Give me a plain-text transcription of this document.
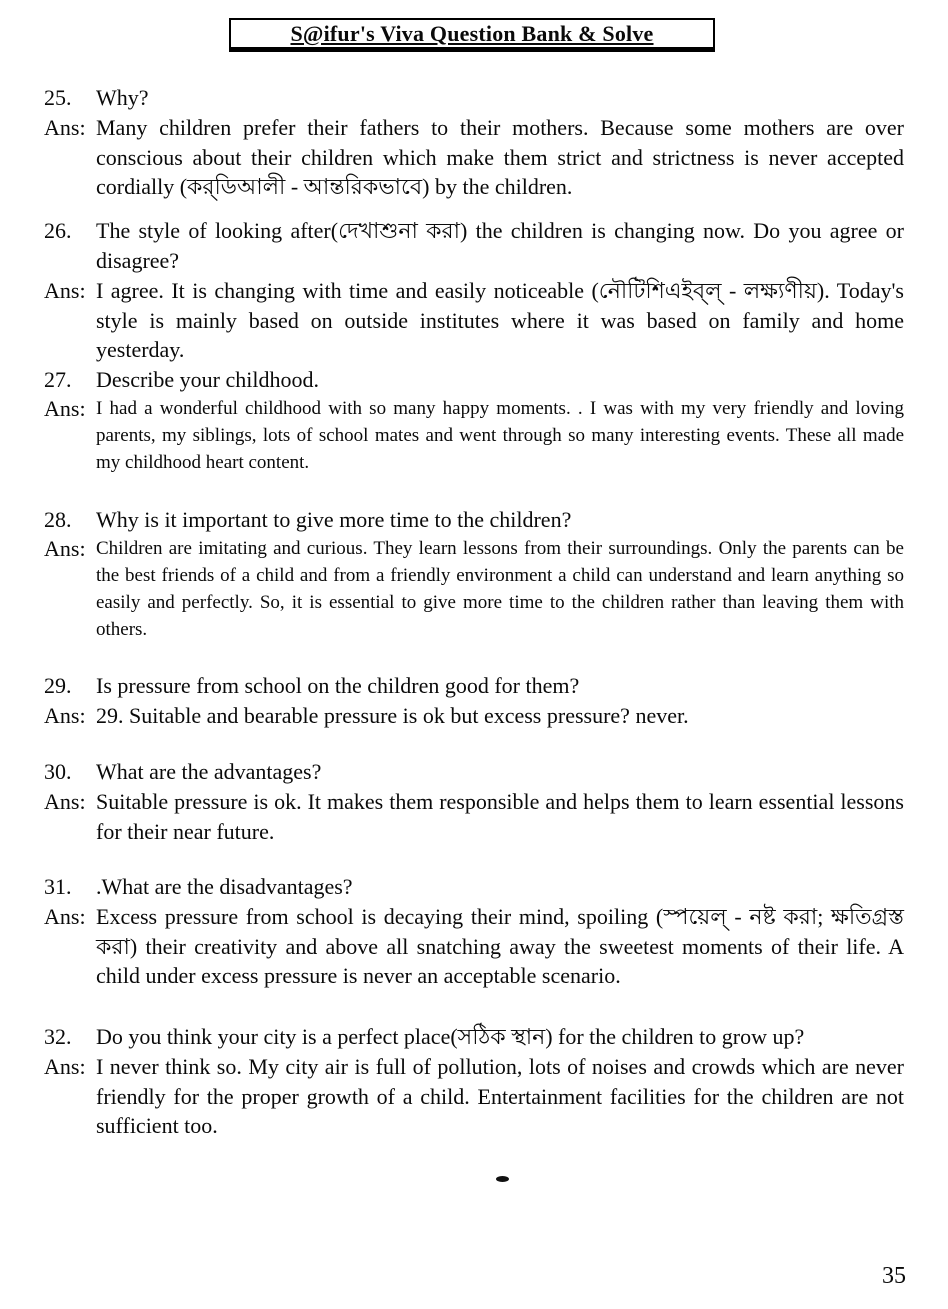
S@ifur's Viva Question Bank & Solve
25.	Why?
Ans: Many children prefer their fathers to their mothers. Because some mothers are over conscious about their children which make them strict and strictness is never accepted cordially (কর্‌ডিআলী - আন্তরিকভাবে) by the children.
26.	The style of looking after(দেখাশুনা করা) the children is changing now. Do you agree or disagree?
Ans: I agree. It is changing with time and easily noticeable (নৌটিশিএইব্‌ল্‌ - লক্ষ্যণীয়). Today's style is mainly based on outside institutes where it was based on family and home yesterday.
27.	Describe your childhood.
Ans: I had a wonderful childhood with so many happy moments. . I was with my very friendly and loving parents, my siblings, lots of school mates and went through so many interesting events. These all made my childhood heart content.
28.	Why is it important to give more time to the children?
Ans: Children are imitating and curious. They learn lessons from their surroundings. Only the parents can be the best friends of a child and from a friendly environment a child can understand and learn anything so easily and perfectly. So, it is essential to give more time to the children rather than leaving them with others.
29.	Is pressure from school on the children good for them?
Ans: 29. Suitable and bearable pressure is ok but excess pressure? never.
30.	What are the advantages?
Ans: Suitable pressure is ok. It makes them responsible and helps them to learn essential lessons for their near future.
31.	.What are the disadvantages?
Ans: Excess pressure from school is decaying their mind, spoiling (স্পয়েল্‌ - নষ্ট করা; ক্ষতিগ্রস্ত করা) their creativity and above all snatching away the sweetest moments of their life. A child under excess pressure is never an acceptable scenario.
32.	Do you think your city is a perfect place(সঠিক স্থান) for the children to grow up?
Ans: I never think so. My city air is full of pollution, lots of noises and crowds which are never friendly for the proper growth of a child. Entertainment facilities for the children are not sufficient too.
35
